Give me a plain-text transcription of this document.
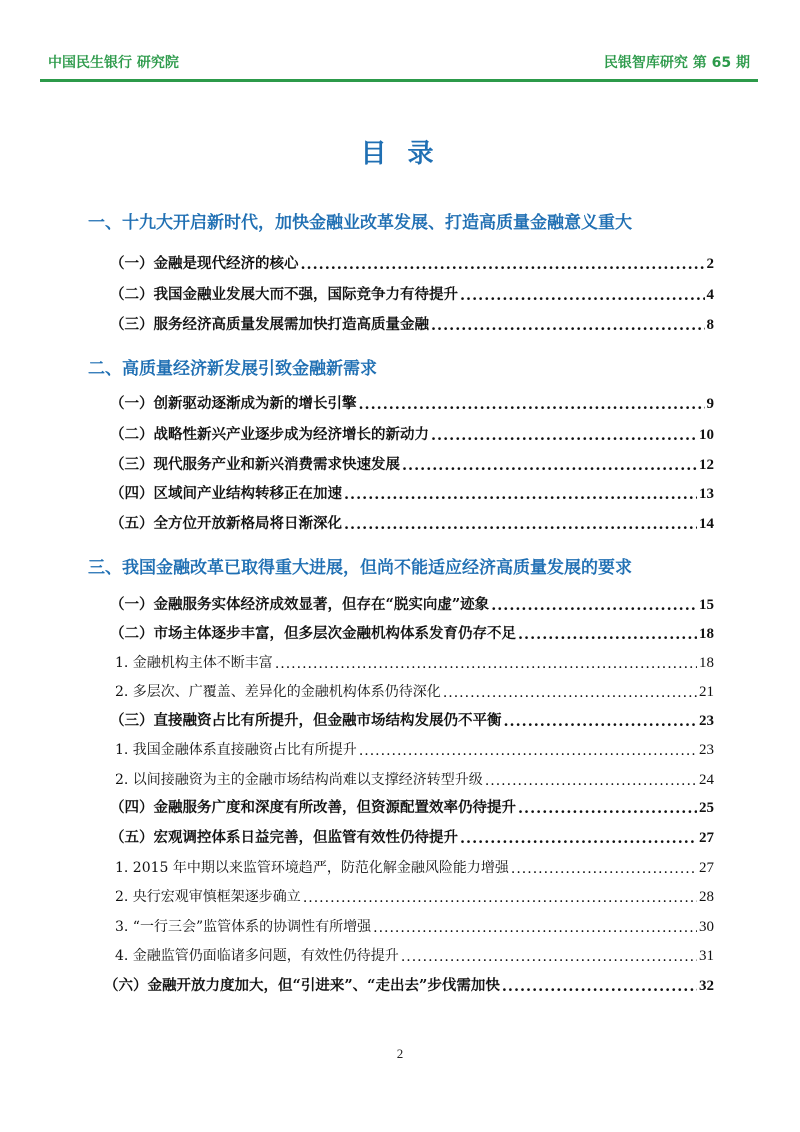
中国民生银行 研究院	民银智库研究 第 65 期
目 录
一、十九大开启新时代，加快金融业改革发展、打造高质量金融意义重大
（一）金融是现代经济的核心 .....	2
（二）我国金融业发展大而不强，国际竞争力有待提升 .....	4
（三）服务经济高质量发展需加快打造高质量金融 .....	8
二、高质量经济新发展引致金融新需求
（一）创新驱动逐渐成为新的增长引擎 .....	9
（二）战略性新兴产业逐步成为经济增长的新动力 .....	10
（三）现代服务产业和新兴消费需求快速发展 .....	12
（四）区域间产业结构转移正在加速 .....	13
（五）全方位开放新格局将日渐深化 .....	14
三、我国金融改革已取得重大进展，但尚不能适应经济高质量发展的要求
（一）金融服务实体经济成效显著，但存在“脱实向虚”迹象 .....	15
（二）市场主体逐步丰富，但多层次金融机构体系发育仍存不足 .....	18
1. 金融机构主体不断丰富 .....	18
2. 多层次、广覆盖、差异化的金融机构体系仍待深化 .....	21
（三）直接融资占比有所提升，但金融市场结构发展仍不平衡 .....	23
1. 我国金融体系直接融资占比有所提升 .....	23
2. 以间接融资为主的金融市场结构尚难以支撑经济转型升级 .....	24
（四）金融服务广度和深度有所改善，但资源配置效率仍待提升 .....	25
（五）宏观调控体系日益完善，但监管有效性仍待提升 .....	27
1. 2015 年中期以来监管环境趋严，防范化解金融风险能力增强 .....	27
2. 央行宏观审慎框架逐步确立 .....	28
3. “一行三会”监管体系的协调性有所增强 .....	30
4. 金融监管仍面临诸多问题，有效性仍待提升 .....	31
（六）金融开放力度加大，但“引进来”、“走出去”步伐需加快 .....	32
2
